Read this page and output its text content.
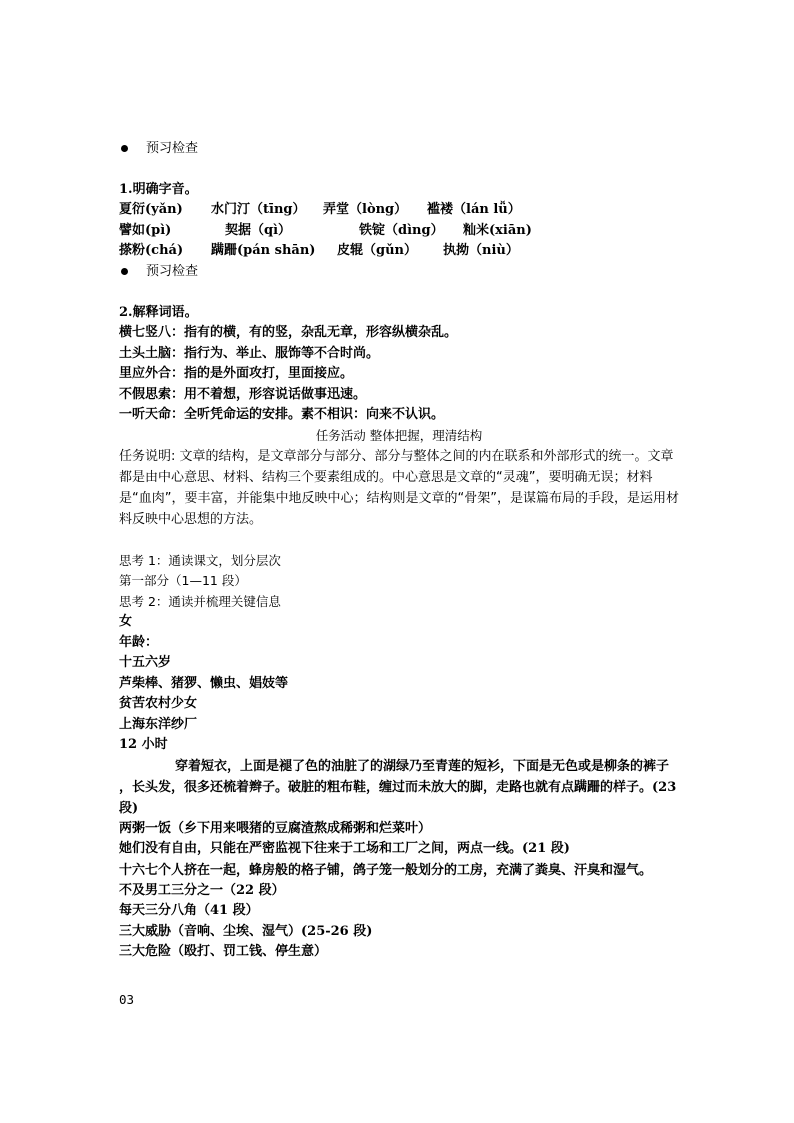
预习检查
1.明确字音。
夏衍(yǎn) 水门汀（tīng） 弄堂（lòng） 褴褛（lán lǚ）
譬如(pì)	契据（qì）	铁锭（dìng） 籼米(xiān)
搽粉(chá) 蹒跚(pán shān) 皮辊（gǔn） 执拗（niù）
预习检查
2.解释词语。
横七竖八：指有的横，有的竖，杂乱无章，形容纵横杂乱。
土头土脑：指行为、举止、服饰等不合时尚。
里应外合：指的是外面攻打，里面接应。
不假思索：用不着想，形容说话做事迅速。
一听天命：全听凭命运的安排。素不相识：向来不认识。
任务活动 整体把握，理清结构
任务说明: 文章的结构，是文章部分与部分、部分与整体之间的内在联系和外部形式的统一。文章都是由中心意思、材料、结构三个要素组成的。中心意思是文章的“灵魂”，要明确无误；材料是“血肉”，要丰富，并能集中地反映中心；结构则是文章的“骨架”，是谋篇布局的手段，是运用材料反映中心思想的方法。
思考 1：通读课文，划分层次
第一部分（1—11 段）
思考 2：通读并梳理关键信息
女
年龄：
十五六岁
芦柴棒、猪猡、懒虫、娼妓等
贫苦农村少女
上海东洋纱厂
12 小时
穿着短衣，上面是褪了色的油脏了的湖绿乃至青莲的短衫，下面是无色或是柳条的裤子 ，长头发，很多还梳着辫子。破脏的粗布鞋，缠过而未放大的脚，走路也就有点蹒跚的样子。(23 段)
两粥一饭（乡下用来喂猪的豆腐渣熬成稀粥和烂菜叶）
她们没有自由，只能在严密监视下往来于工场和工厂之间，两点一线。(21 段)
十六七个人挤在一起，蜂房般的格子铺，鸽子笼一般划分的工房，充满了粪臭、汗臭和湿气。
不及男工三分之一（22 段）
每天三分八角（41 段）
三大威胁（音响、尘埃、湿气）(25-26 段)
三大危险（殴打、罚工钱、停生意）
03
